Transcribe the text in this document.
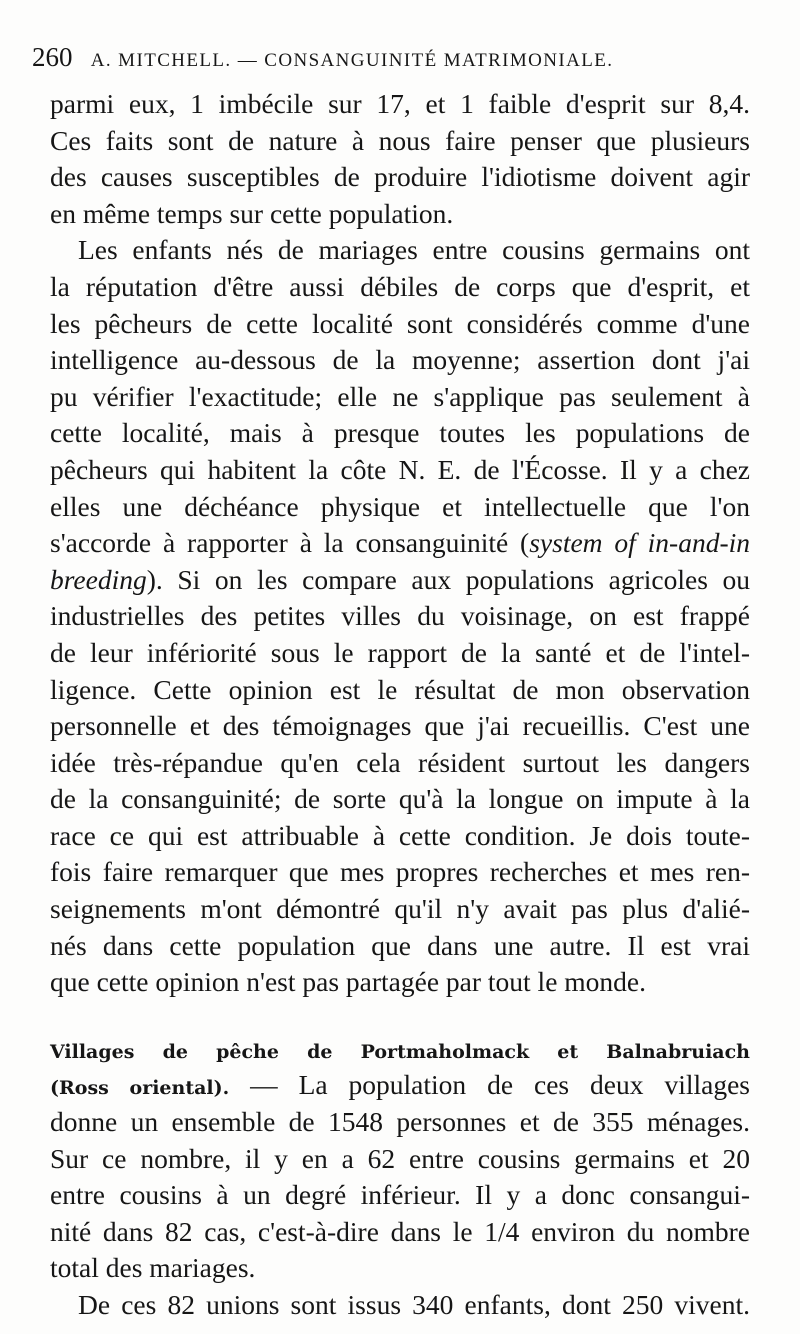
260 A. MITCHELL. — CONSANGUINITÉ MATRIMONIALE.
parmi eux, 1 imbécile sur 17, et 1 faible d'esprit sur 8,4.
Ces faits sont de nature à nous faire penser que plusieurs
des causes susceptibles de produire l'idiotisme doivent agir
en même temps sur cette population.
Les enfants nés de mariages entre cousins germains ont
la réputation d'être aussi débiles de corps que d'esprit, et
les pêcheurs de cette localité sont considérés comme d'une
intelligence au-dessous de la moyenne; assertion dont j'ai
pu vérifier l'exactitude; elle ne s'applique pas seulement à
cette localité, mais à presque toutes les populations de
pêcheurs qui habitent la côte N. E. de l'Écosse. Il y a chez
elles une déchéance physique et intellectuelle que l'on
s'accorde à rapporter à la consanguinité (system of in-and-in
breeding). Si on les compare aux populations agricoles ou
industrielles des petites villes du voisinage, on est frappé
de leur infériorité sous le rapport de la santé et de l'intel-
ligence. Cette opinion est le résultat de mon observation
personnelle et des témoignages que j'ai recueillis. C'est une
idée très-répandue qu'en cela résident surtout les dangers
de la consanguinité; de sorte qu'à la longue on impute à la
race ce qui est attribuable à cette condition. Je dois toute-
fois faire remarquer que mes propres recherches et mes ren-
seignements m'ont démontré qu'il n'y avait pas plus d'alié-
nés dans cette population que dans une autre. Il est vrai
que cette opinion n'est pas partagée par tout le monde.
Villages de pêche de Portmaholmack et Balnabruiach
(Ross oriental). — La population de ces deux villages
donne un ensemble de 1548 personnes et de 355 ménages.
Sur ce nombre, il y en a 62 entre cousins germains et 20
entre cousins à un degré inférieur. Il y a donc consangui-
nité dans 82 cas, c'est-à-dire dans le 1/4 environ du nombre
total des mariages.
De ces 82 unions sont issus 340 enfants, dont 250 vivent.
